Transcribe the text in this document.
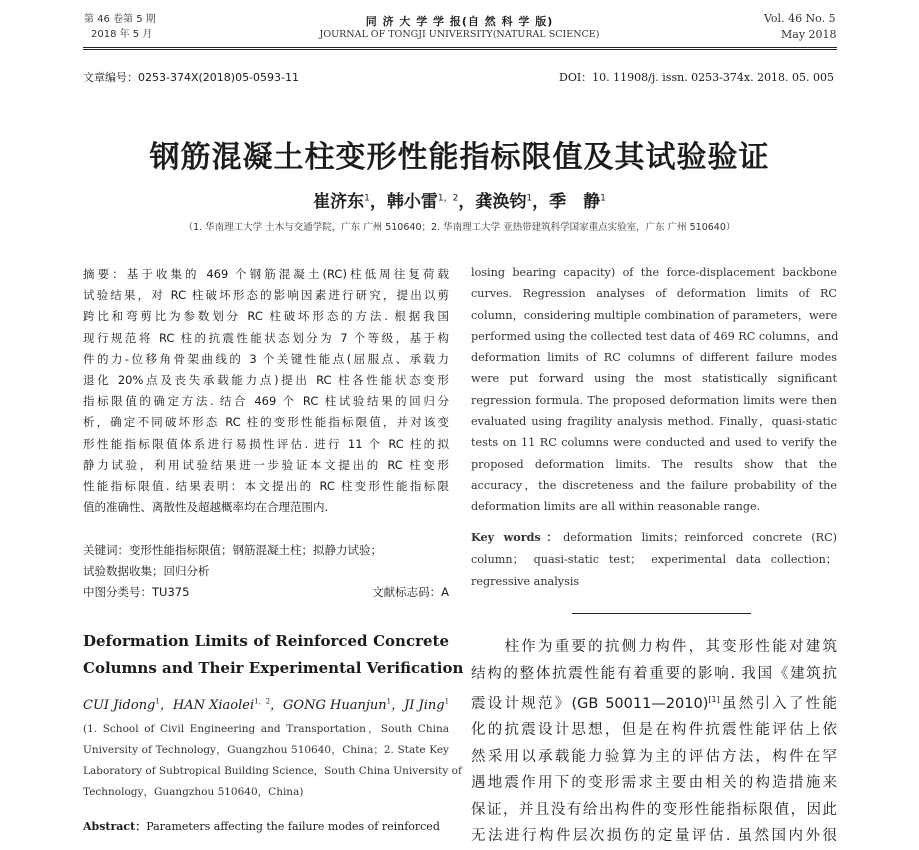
第 46 卷第 5 期
2018 年 5 月
同 济 大 学 学 报(自 然 科 学 版)
JOURNAL OF TONGJI UNIVERSITY(NATURAL SCIENCE)
Vol. 46 No. 5
May 2018
文章编号：0253-374X(2018)05-0593-11	DOI：10. 11908/j. issn. 0253-374x. 2018. 05. 005
钢筋混凝土柱变形性能指标限值及其试验验证
崔济东$^1$，韩小雷$^{1,2}$，龚涣钧$^1$，季　静$^1$
（1. 华南理工大学 土木与交通学院，广东 广州 510640；2. 华南理工大学 亚热带建筑科学国家重点实验室，广东 广州 510640）

摘要：基于收集的 469 个钢筋混凝土(RC)柱低周往复荷载

试验结果，对 RC 柱破坏形态的影响因素进行研究，提出以剪

跨比和弯剪比为参数划分 RC 柱破坏形态的方法. 根据我国

现行规范将 RC 柱的抗震性能状态划分为 7 个等级，基于构

件的力-位移角骨架曲线的 3 个关键性能点(屈服点、承载力

退化 20%点及丧失承载能力点)提出 RC 柱各性能状态变形

指标限值的确定方法. 结合 469 个 RC 柱试验结果的回归分

析，确定不同破坏形态 RC 柱的变形性能指标限值，并对该变

形性能指标限值体系进行易损性评估. 进行 11 个 RC 柱的拟

静力试验，利用试验结果进一步验证本文提出的 RC 柱变形

性能指标限值. 结果表明：本文提出的 RC 柱变形性能指标限

值的准确性、离散性及超越概率均在合理范围内.

关键词：变形性能指标限值；钢筋混凝土柱；拟静力试验；

试验数据收集；回归分析

中图分类号：TU375	文献标志码：A

Deformation Limits of Reinforced Concrete

Columns and Their Experimental Verification

CUI Jidong$^1$，HAN Xiaolei$^{1,2}$，GONG Huanjun$^1$，JI Jing$^1$

(1. School of Civil Engineering and Transportation，South China

University of Technology，Guangzhou 510640，China；2. State Key

Laboratory of Subtropical Building Science，South China University of

Technology，Guangzhou 510640，China)

Abstract：Parameters affecting the failure modes of reinforced

losing bearing capacity) of the force-displacement backbone

curves. Regression analyses of deformation limits of RC

column，considering multiple combination of parameters，were

performed using the collected test data of 469 RC columns，and

deformation limits of RC columns of different failure modes

were put forward using the most statistically significant

regression formula. The proposed deformation limits were then

evaluated using fragility analysis method. Finally，quasi-static

tests on 11 RC columns were conducted and used to verify the

proposed deformation limits. The results show that the

accuracy，the discreteness and the failure probability of the

deformation limits are all within reasonable range.

Key words：deformation limits；reinforced concrete (RC)

column； quasi-static test； experimental data collection；

regressive analysis

　　柱作为重要的抗侧力构件，其变形性能对建筑

结构的整体抗震性能有着重要的影响. 我国《建筑抗

震设计规范》(GB 50011—2010)[1]虽然引入了性能

化的抗震设计思想，但是在构件抗震性能评估上依

然采用以承载能力验算为主的评估方法，构件在罕

遇地震作用下的变形需求主要由相关的构造措施来

保证，并且没有给出构件的变形性能指标限值，因此

无法进行构件层次损伤的定量评估. 虽然国内外很
